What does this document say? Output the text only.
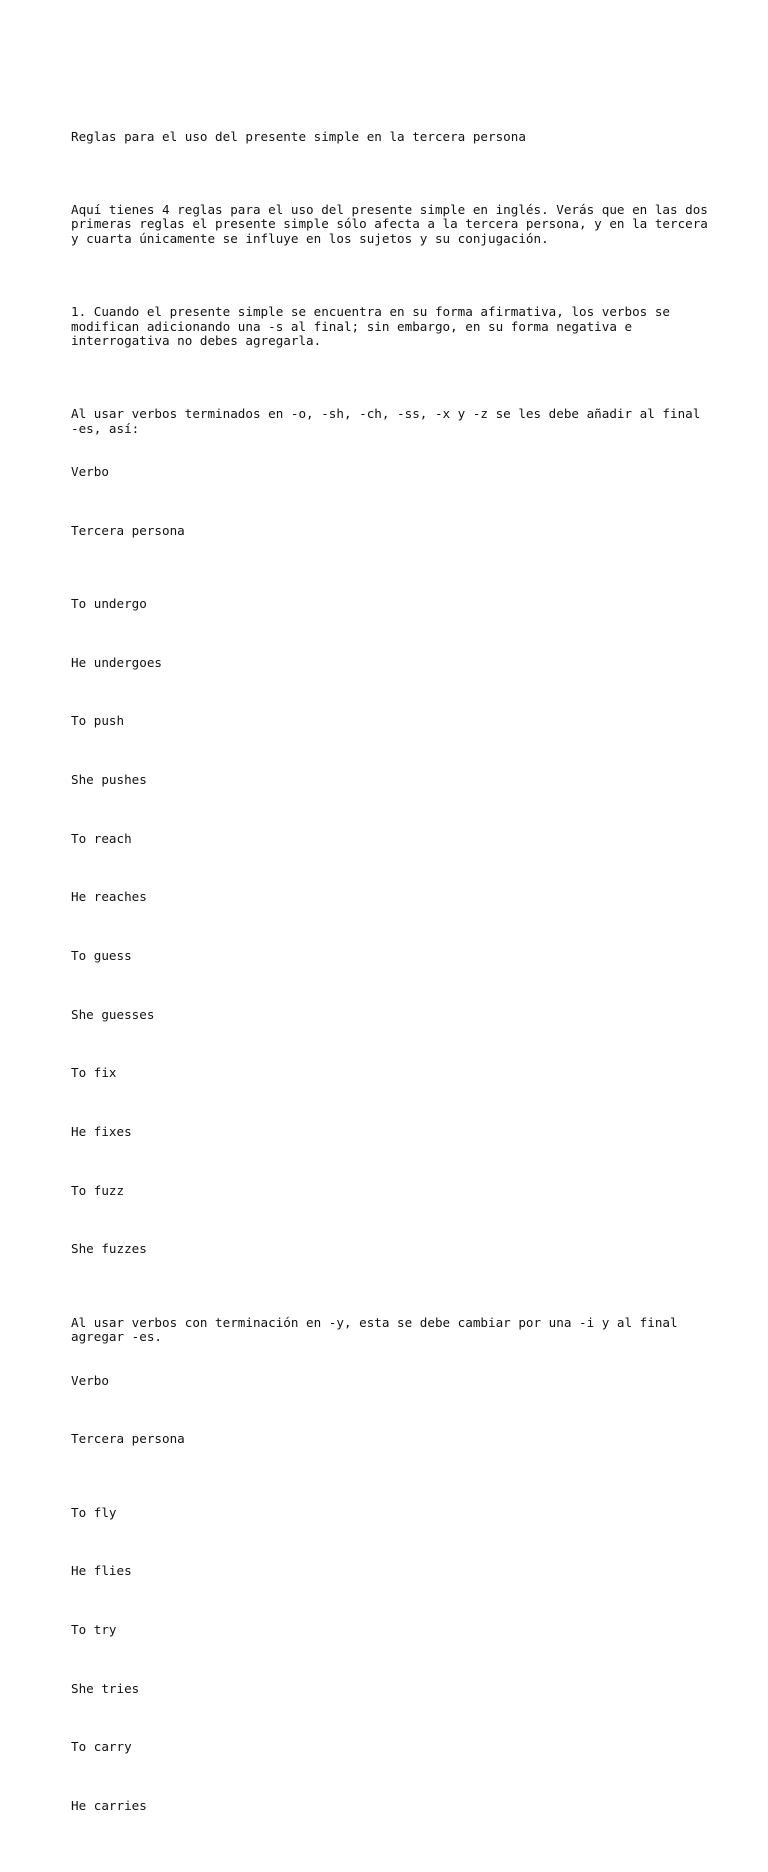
Reglas para el uso del presente simple en la tercera persona

Aquí tienes 4 reglas para el uso del presente simple en inglés. Verás que en las dos primeras reglas el presente simple sólo afecta a la tercera persona, y en la tercera y cuarta únicamente se influye en los sujetos y su conjugación.

1. Cuando el presente simple se encuentra en su forma afirmativa, los verbos se modifican adicionando una -s al final; sin embargo, en su forma negativa e interrogativa no debes agregarla.

Al usar verbos terminados en -o, -sh, -ch, -ss, -x y -z se les debe añadir al final -es, así:

Verbo

Tercera persona

To undergo

He undergoes

To push

She pushes

To reach

He reaches

To guess

She guesses

To fix

He fixes

To fuzz

She fuzzes

Al usar verbos con terminación en -y, esta se debe cambiar por una -i y al final agregar -es.

Verbo

Tercera persona

To fly

He flies

To try

She tries

To carry

He carries
